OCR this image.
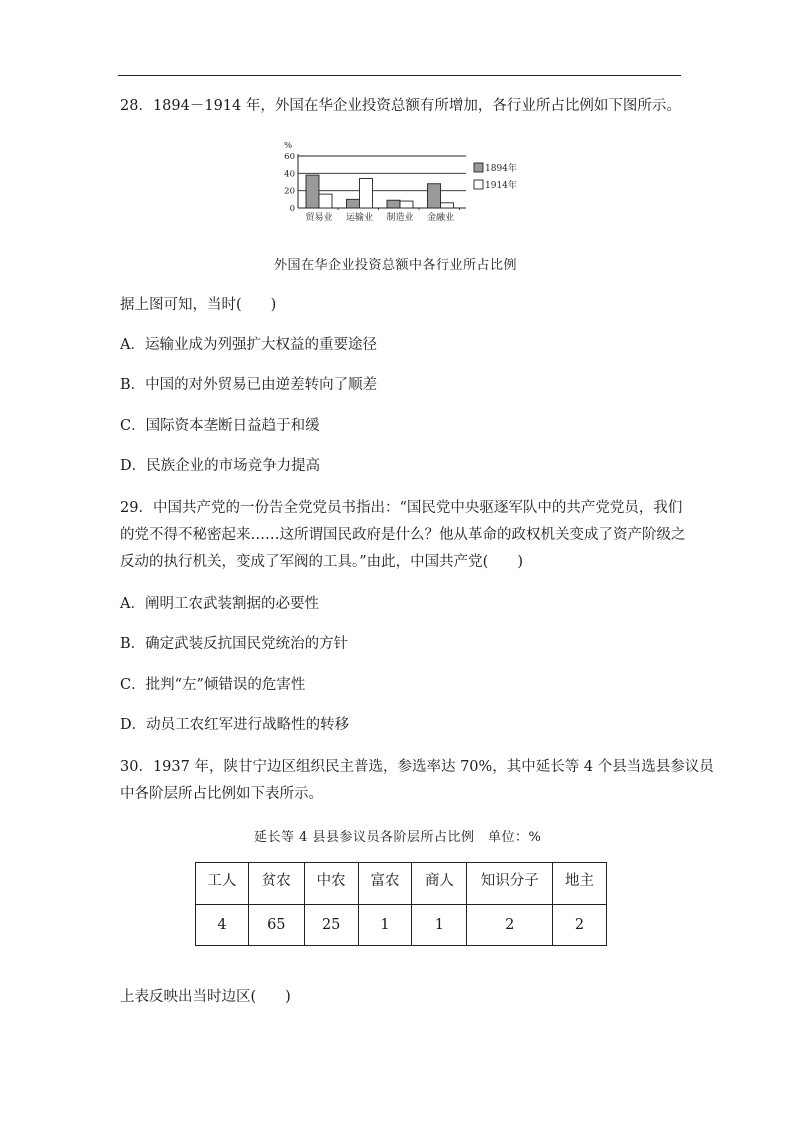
28．1894－1914 年，外国在华企业投资总额有所增加，各行业所占比例如下图所示。
%
60
40
20
0
贸易业 运输业 制造业 金融业
1894年
1914年
外国在华企业投资总额中各行业所占比例
据上图可知，当时(　　)
A．运输业成为列强扩大权益的重要途径
B．中国的对外贸易已由逆差转向了顺差
C．国际资本垄断日益趋于和缓
D．民族企业的市场竞争力提高
29．中国共产党的一份告全党党员书指出：“国民党中央驱逐军队中的共产党党员，我们
的党不得不秘密起来……这所谓国民政府是什么？他从革命的政权机关变成了资产阶级之
反动的执行机关，变成了军阀的工具。”由此，中国共产党(　　)
A．阐明工农武装割据的必要性
B．确定武装反抗国民党统治的方针
C．批判“左”倾错误的危害性
D．动员工农红军进行战略性的转移
30．1937 年，陕甘宁边区组织民主普选，参选率达 70%，其中延长等 4 个县当选县参议员
中各阶层所占比例如下表所示。
延长等 4 县县参议员各阶层所占比例　单位：%
工人	贫农	中农	富农	商人	知识分子	地主
4	65	25	1	1	2	2
上表反映出当时边区(　　)
